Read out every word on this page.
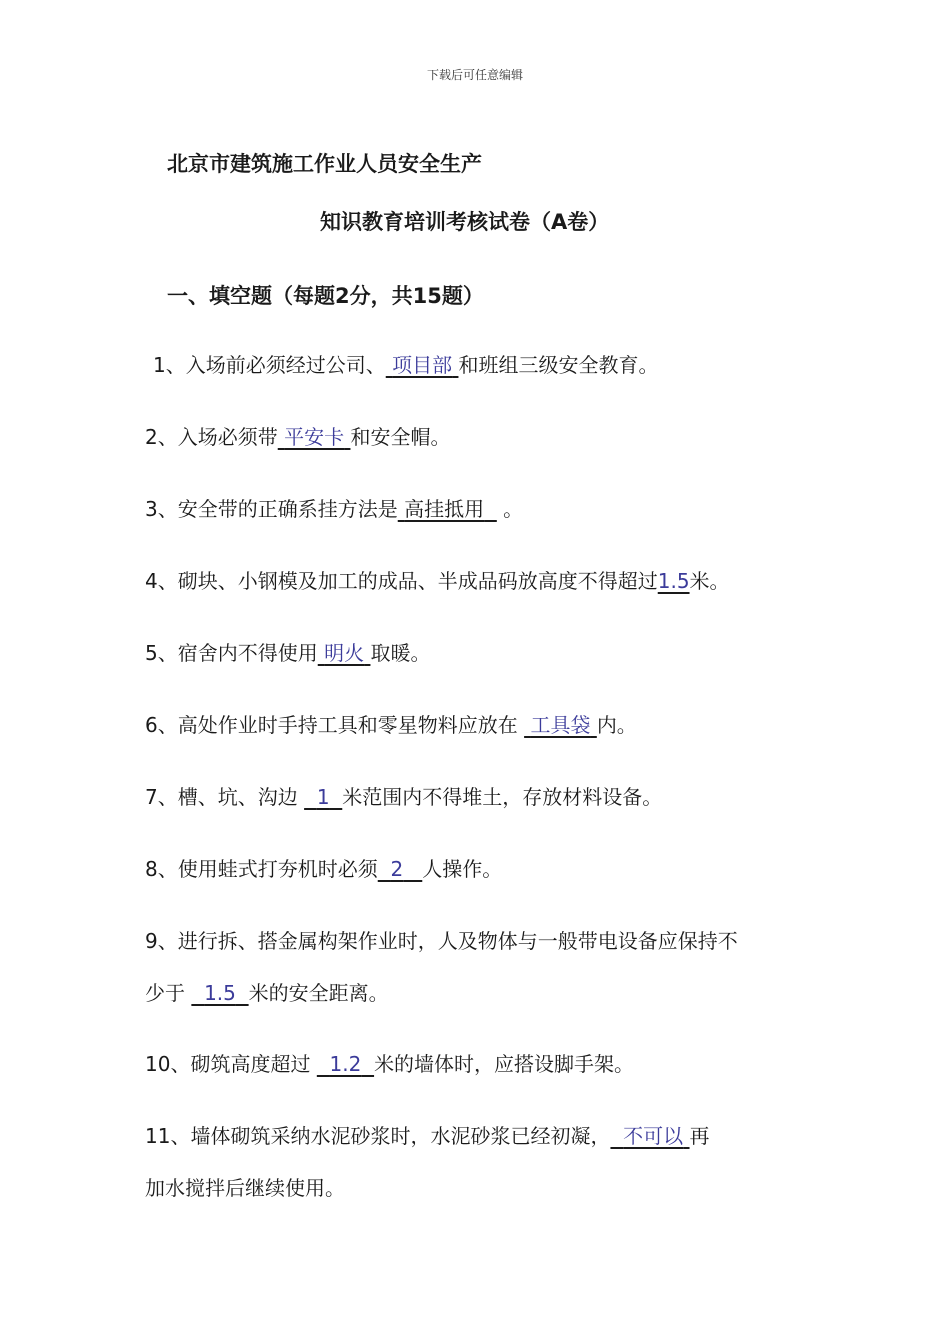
下载后可任意编辑
北京市建筑施工作业人员安全生产
知识教育培训考核试卷（A卷）
一、填空题（每题2分，共15题）
1、入场前必须经过公司、 项目部 和班组三级安全教育。
2、入场必须带 平安卡 和安全帽。
3、安全带的正确系挂方法是 高挂抵用   。
4、砌块、小钢模及加工的成品、半成品码放高度不得超过1.5米。
5、宿舍内不得使用 明火 取暖。
6、高处作业时手持工具和零星物料应放在  工具袋 内。
7、槽、坑、沟边   1 米范围内不得堆土，存放材料设备。
8、使用蛙式打夯机时必须 2 人操作。
9、进行拆、搭金属构架作业时，人及物体与一般带电设备应保持不
少于   1.5 米的安全距离。
10、砌筑高度超过   1.2 米的墙体时，应搭设脚手架。
11、墙体砌筑采纳水泥砂浆时，水泥砂浆已经初凝， 不可以 再
加水搅拌后继续使用。
